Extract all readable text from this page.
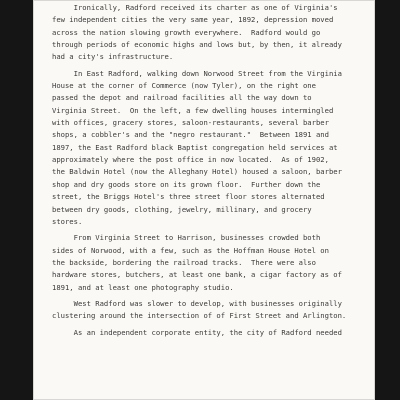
Ironically, Radford received its charter as one of Virginia's
few independent cities the very same year, 1892, depression moved
across the nation slowing growth everywhere.  Radford would go
through periods of economic highs and lows but, by then, it already
had a city's infrastructure.
In East Radford, walking down Norwood Street from the Virginia
House at the corner of Commerce (now Tyler), on the right one
passed the depot and railroad facilities all the way down to
Virginia Street.  On the left, a few dwelling houses intermingled
with offices, gracery stores, saloon-restaurants, several barber
shops, a cobbler's and the "negro restaurant."  Between 1891 and
1897, the East Radford black Baptist congregation held services at
approximately where the post office in now located.  As of 1902,
the Baldwin Hotel (now the Alleghany Hotel) housed a saloon, barber
shop and dry goods store on its grown floor.  Further down the
street, the Briggs Hotel's three street floor stores alternated
between dry goods, clothing, jewelry, millinary, and grocery
stores.
From Virginia Street to Harrison, businesses crowded both
sides of Norwood, with a few, such as the Hoffman House Hotel on
the backside, bordering the railroad tracks.  There were also
hardware stores, butchers, at least one bank, a cigar factory as of
1891, and at least one photography studio.
West Radford was slower to develop, with businesses originally
clustering around the intersection of of First Street and Arlington.
As an independent corporate entity, the city of Radford needed
